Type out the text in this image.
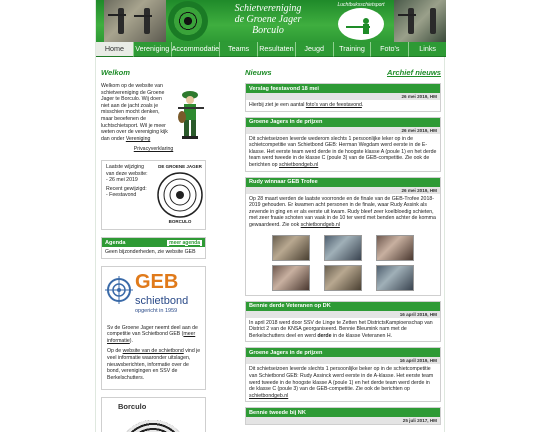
Schietvereniging
de Groene Jager
Borculo
Luchtbuksschietsport
Home	Vereniging Accommodatie	Teams	Resultaten	Jeugd	Training	Foto's	Links
Welkom

Welkom op de website van schietvereniging de Groene Jager te Borculo. Wij doen niet aan de jacht zoals je misschien mocht denken, maar beoefenen de luchtschietsport. Wil je meer weten over de vereniging kijk dan onder Vereniging

Privacyverklaring

Laatste wijziging van deze website:

- 26 mei 2019

Recent gewijzigd:

- Feestavond

DE GROENE JAGER
BORCULO
Agenda	meer agenda

Geen bijzonderheden, zie website GEB

GEB
schietbond
opgericht in 1959

Sv de Groene Jager neemt deel aan de competitie van Schietbond GEB (meer informatie).

Op de website van de schietbond vind je veel informatie waaronder uitslagen, nieuwsberichten, informatie over de bond, verenigingen en SSV de Berkelschutters.

Borculo
Nieuws	Archief nieuws
Verslag feestavond 18 mei
26 mei 2019, HM
Hierbij ziet je een aantal foto's van de feestavond.
Groene Jagers in de prijzen
26 mei 2019, HM
Dit schietseizoen leverde wederom slechts 1 persoonlijke leker op in de schietcompetitie van Schietbond GEB: Herman Wegdam werd eerste in de E-klasse. Het eerste team werd derde in de hoogste klasse A (poule 1) en het derde team werd tweede in de klasse C (poule 3) van de GEB-competitie. Zie ook de berichten op schietbondgeb.nl
Rudy winnaar GEB Trofee
26 mei 2019, HM
Op 28 maart werden de laatste voorronde en de finale van de GEB-Trofee 2018-2019 gehouden. Er kwamen acht personen in de finale, waar Rudy Assink als zevende in ging en er als eerste uit kwam. Rudy bleef zeer koelbloedig schieten, met zeer fraaie schoten van vaak in de 10 ter werd met benden achter de komma gewaardeerd. Zie ook schietbondgeb.nl
Bennie derde Veteranen op DK
16 april 2019, HM
In april 2018 werd door SSV de Linge te Zetten het DistrictsKampioenschap van District 2 van de KNSA georganiseerd. Bennie Bleumink nam met de Berkelschutters deel en werd derde in de klasse Veteranen H.
Groene Jagers in de prijzen
16 april 2019, HM
Dit schietseizoen leverde slechts 1 persoonlijke beker op in de schietcompetitie van Schietbond GEB: Rudy Assinck werd eerste in de A-klasse. Het eerste team werd tweede in de hoogste klasse A (poule 1) en het derde team werd derde in de klasse C (poule 3) van de GEB-competitie. Zie ook de berichten op schietbondgeb.nl
Bennie tweede bij NK
25 juli 2017, HM
